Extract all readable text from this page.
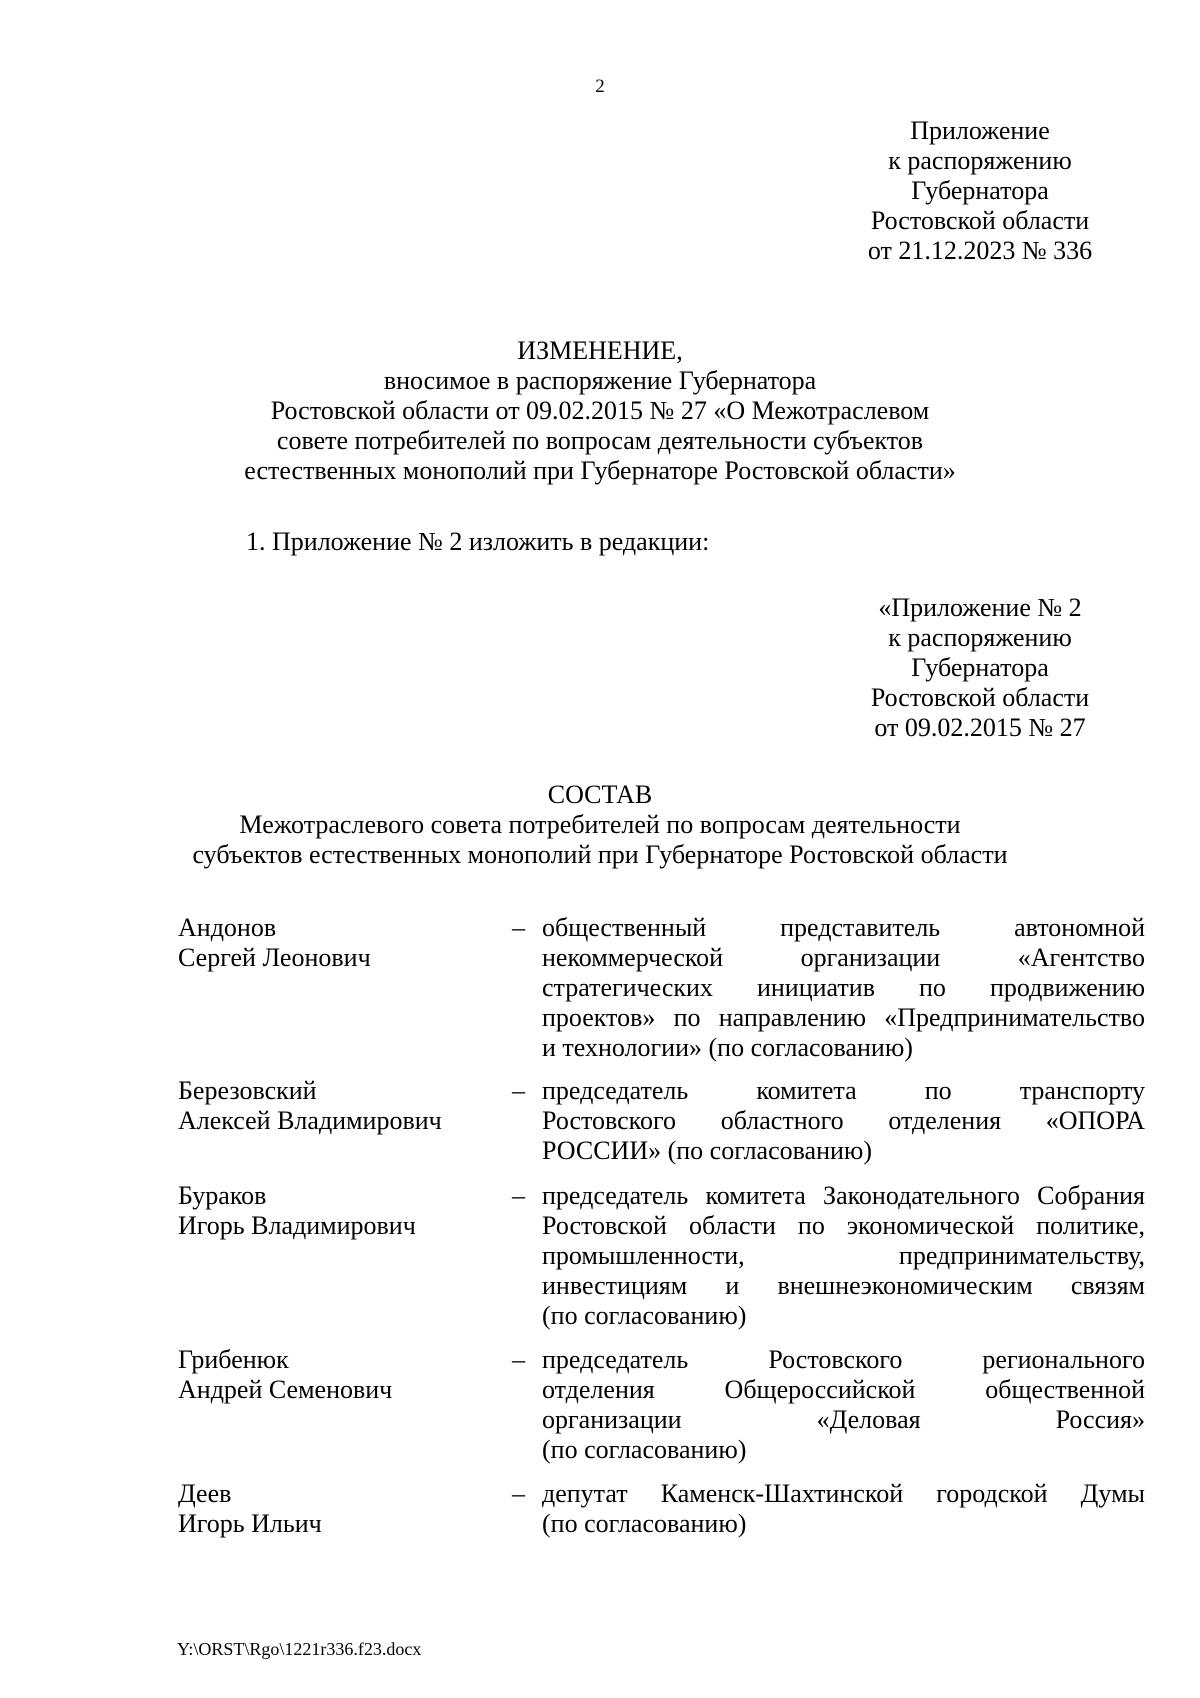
2
Приложение
к распоряжению
Губернатора
Ростовской области
от 21.12.2023 № 336
ИЗМЕНЕНИЕ,
вносимое в распоряжение Губернатора
Ростовской области от 09.02.2015 № 27 «О Межотраслевом
совете потребителей по вопросам деятельности субъектов
естественных монополий при Губернаторе Ростовской области»
1. Приложение № 2 изложить в редакции:
«Приложение № 2
к распоряжению
Губернатора
Ростовской области
от 09.02.2015 № 27
СОСТАВ
Межотраслевого совета потребителей по вопросам деятельности
субъектов естественных монополий при Губернаторе Ростовской области
Андонов
Сергей Леонович
– общественный представитель автономной
некоммерческой организации «Агентство
стратегических инициатив по продвижению
проектов» по направлению «Предпринимательство
и технологии» (по согласованию)
Березовский
Алексей Владимирович
– председатель комитета по транспорту
Ростовского областного отделения «ОПОРА
РОССИИ» (по согласованию)
Бураков
Игорь Владимирович
– председатель комитета Законодательного Собрания
Ростовской области по экономической политике,
промышленности, предпринимательству,
инвестициям и внешнеэкономическим связям
(по согласованию)
Грибенюк
Андрей Семенович
– председатель Ростовского регионального
отделения Общероссийской общественной
организации «Деловая Россия»
(по согласованию)
Деев
Игорь Ильич
– депутат Каменск-Шахтинской городской Думы
(по согласованию)
Y:\ORST\Rgo\1221r336.f23.docx
